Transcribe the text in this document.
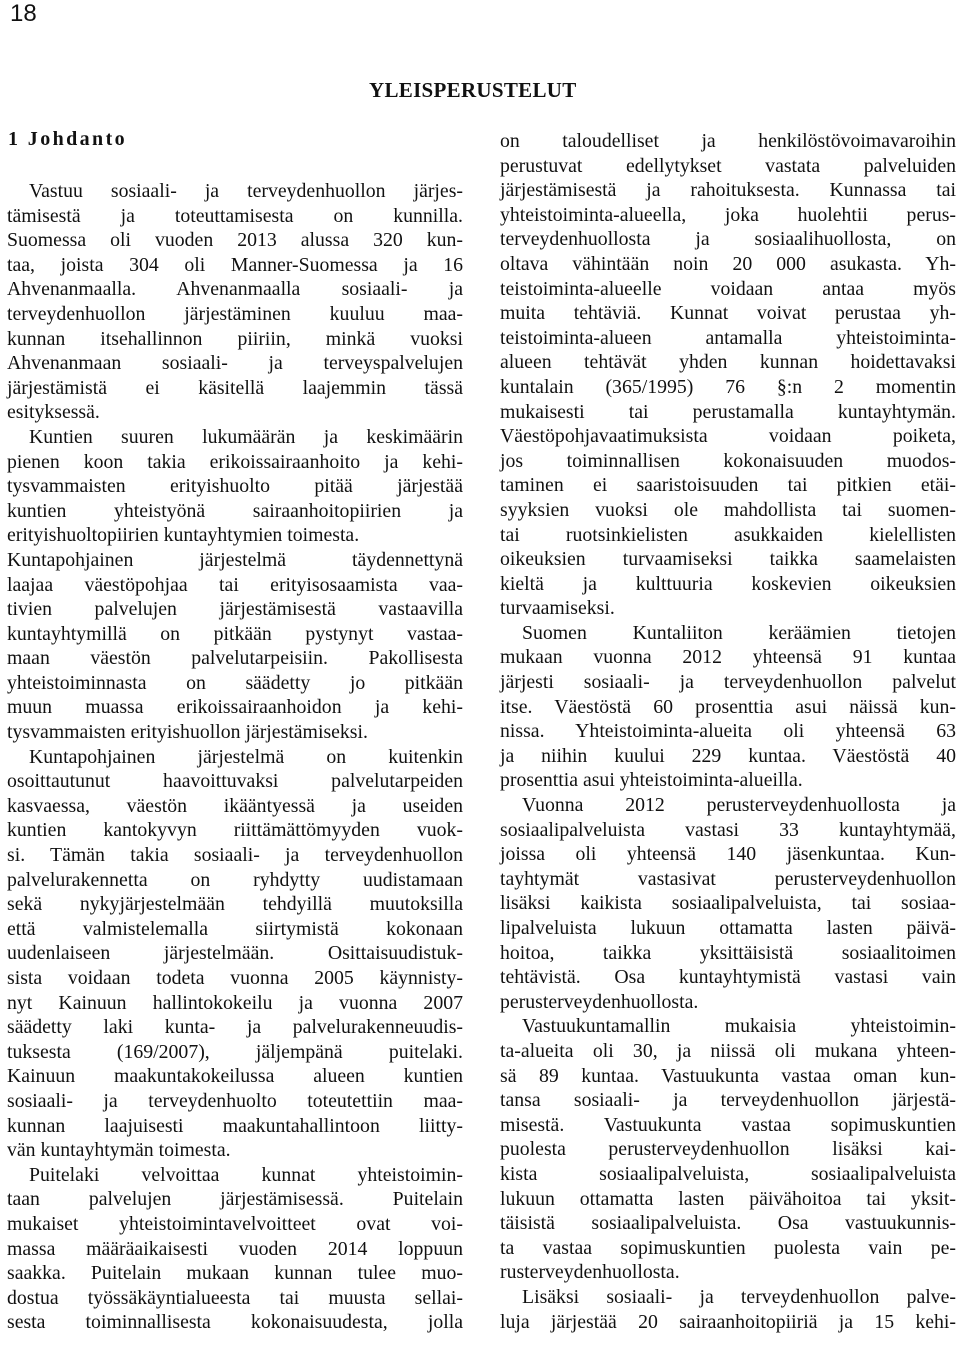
18
YLEISPERUSTELUT
1 Johdanto
Vastuu sosiaali- ja terveydenhuollon järjes-
tämisestä ja toteuttamisesta on kunnilla.
Suomessa oli vuoden 2013 alussa 320 kun-
taa, joista 304 oli Manner-Suomessa ja 16
Ahvenanmaalla. Ahvenanmaalla sosiaali- ja
terveydenhuollon järjestäminen kuuluu maa-
kunnan itsehallinnon piiriin, minkä vuoksi
Ahvenanmaan sosiaali- ja terveyspalvelujen
järjestämistä ei käsitellä laajemmin tässä
esityksessä.
Kuntien suuren lukumäärän ja keskimäärin
pienen koon takia erikoissairaanhoito ja kehi-
tysvammaisten erityishuolto pitää järjestää
kuntien yhteistyönä sairaanhoitopiirien ja
erityishuoltopiirien kuntayhtymien toimesta.
Kuntapohjainen järjestelmä täydennettynä
laajaa väestöpohjaa tai erityisosaamista vaa-
tivien palvelujen järjestämisestä vastaavilla
kuntayhtymillä on pitkään pystynyt vastaa-
maan väestön palvelutarpeisiin. Pakollisesta
yhteistoiminnasta on säädetty jo pitkään
muun muassa erikoissairaanhoidon ja kehi-
tysvammaisten erityishuollon järjestämiseksi.
Kuntapohjainen järjestelmä on kuitenkin
osoittautunut haavoittuvaksi palvelutarpeiden
kasvaessa, väestön ikääntyessä ja useiden
kuntien kantokyvyn riittämättömyyden vuok-
si. Tämän takia sosiaali- ja terveydenhuollon
palvelurakennetta on ryhdytty uudistamaan
sekä nykyjärjestelmään tehdyillä muutoksilla
että valmistelemalla siirtymistä kokonaan
uudenlaiseen järjestelmään. Osittaisuudistuk-
sista voidaan todeta vuonna 2005 käynnisty-
nyt Kainuun hallintokokeilu ja vuonna 2007
säädetty laki kunta- ja palvelurakenneuudis-
tuksesta (169/2007), jäljempänä puitelaki.
Kainuun maakuntakokeilussa alueen kuntien
sosiaali- ja terveydenhuolto toteutettiin maa-
kunnan laajuisesti maakuntahallintoon liitty-
vän kuntayhtymän toimesta.
Puitelaki velvoittaa kunnat yhteistoimin-
taan palvelujen järjestämisessä. Puitelain
mukaiset yhteistoimintavelvoitteet ovat voi-
massa määräaikaisesti vuoden 2014 loppuun
saakka. Puitelain mukaan kunnan tulee muo-
dostua työssäkäyntialueesta tai muusta sellai-
sesta toiminnallisesta kokonaisuudesta, jolla
on taloudelliset ja henkilöstövoimavaroihin
perustuvat edellytykset vastata palveluiden
järjestämisestä ja rahoituksesta. Kunnassa tai
yhteistoiminta-alueella, joka huolehtii perus-
terveydenhuollosta ja sosiaalihuollosta, on
oltava vähintään noin 20 000 asukasta. Yh-
teistoiminta-alueelle voidaan antaa myös
muita tehtäviä. Kunnat voivat perustaa yh-
teistoiminta-alueen antamalla yhteistoiminta-
alueen tehtävät yhden kunnan hoidettavaksi
kuntalain (365/1995) 76 §:n 2 momentin
mukaisesti tai perustamalla kuntayhtymän.
Väestöpohjavaatimuksista voidaan poiketa,
jos toiminnallisen kokonaisuuden muodos-
taminen ei saaristoisuuden tai pitkien etäi-
syyksien vuoksi ole mahdollista tai suomen-
tai ruotsinkielisten asukkaiden kielellisten
oikeuksien turvaamiseksi taikka saamelaisten
kieltä ja kulttuuria koskevien oikeuksien
turvaamiseksi.
Suomen Kuntaliiton keräämien tietojen
mukaan vuonna 2012 yhteensä 91 kuntaa
järjesti sosiaali- ja terveydenhuollon palvelut
itse. Väestöstä 60 prosenttia asui näissä kun-
nissa. Yhteistoiminta-alueita oli yhteensä 63
ja niihin kuului 229 kuntaa. Väestöstä 40
prosenttia asui yhteistoiminta-alueilla.
Vuonna 2012 perusterveydenhuollosta ja
sosiaalipalveluista vastasi 33 kuntayhtymää,
joissa oli yhteensä 140 jäsenkuntaa. Kun-
tayhtymät vastasivat perusterveydenhuollon
lisäksi kaikista sosiaalipalveluista, tai sosiaa-
lipalveluista lukuun ottamatta lasten päivä-
hoitoa, taikka yksittäisistä sosiaalitoimen
tehtävistä. Osa kuntayhtymistä vastasi vain
perusterveydenhuollosta.
Vastuukuntamallin mukaisia yhteistoimin-
ta-alueita oli 30, ja niissä oli mukana yhteen-
sä 89 kuntaa. Vastuukunta vastaa oman kun-
tansa sosiaali- ja terveydenhuollon järjestä-
misestä. Vastuukunta vastaa sopimuskuntien
puolesta perusterveydenhuollon lisäksi kai-
kista sosiaalipalveluista, sosiaalipalveluista
lukuun ottamatta lasten päivähoitoa tai yksit-
täisistä sosiaalipalveluista. Osa vastuukunnis-
ta vastaa sopimuskuntien puolesta vain pe-
rusterveydenhuollosta.
Lisäksi sosiaali- ja terveydenhuollon palve-
luja järjestää 20 sairaanhoitopiiriä ja 15 kehi-
